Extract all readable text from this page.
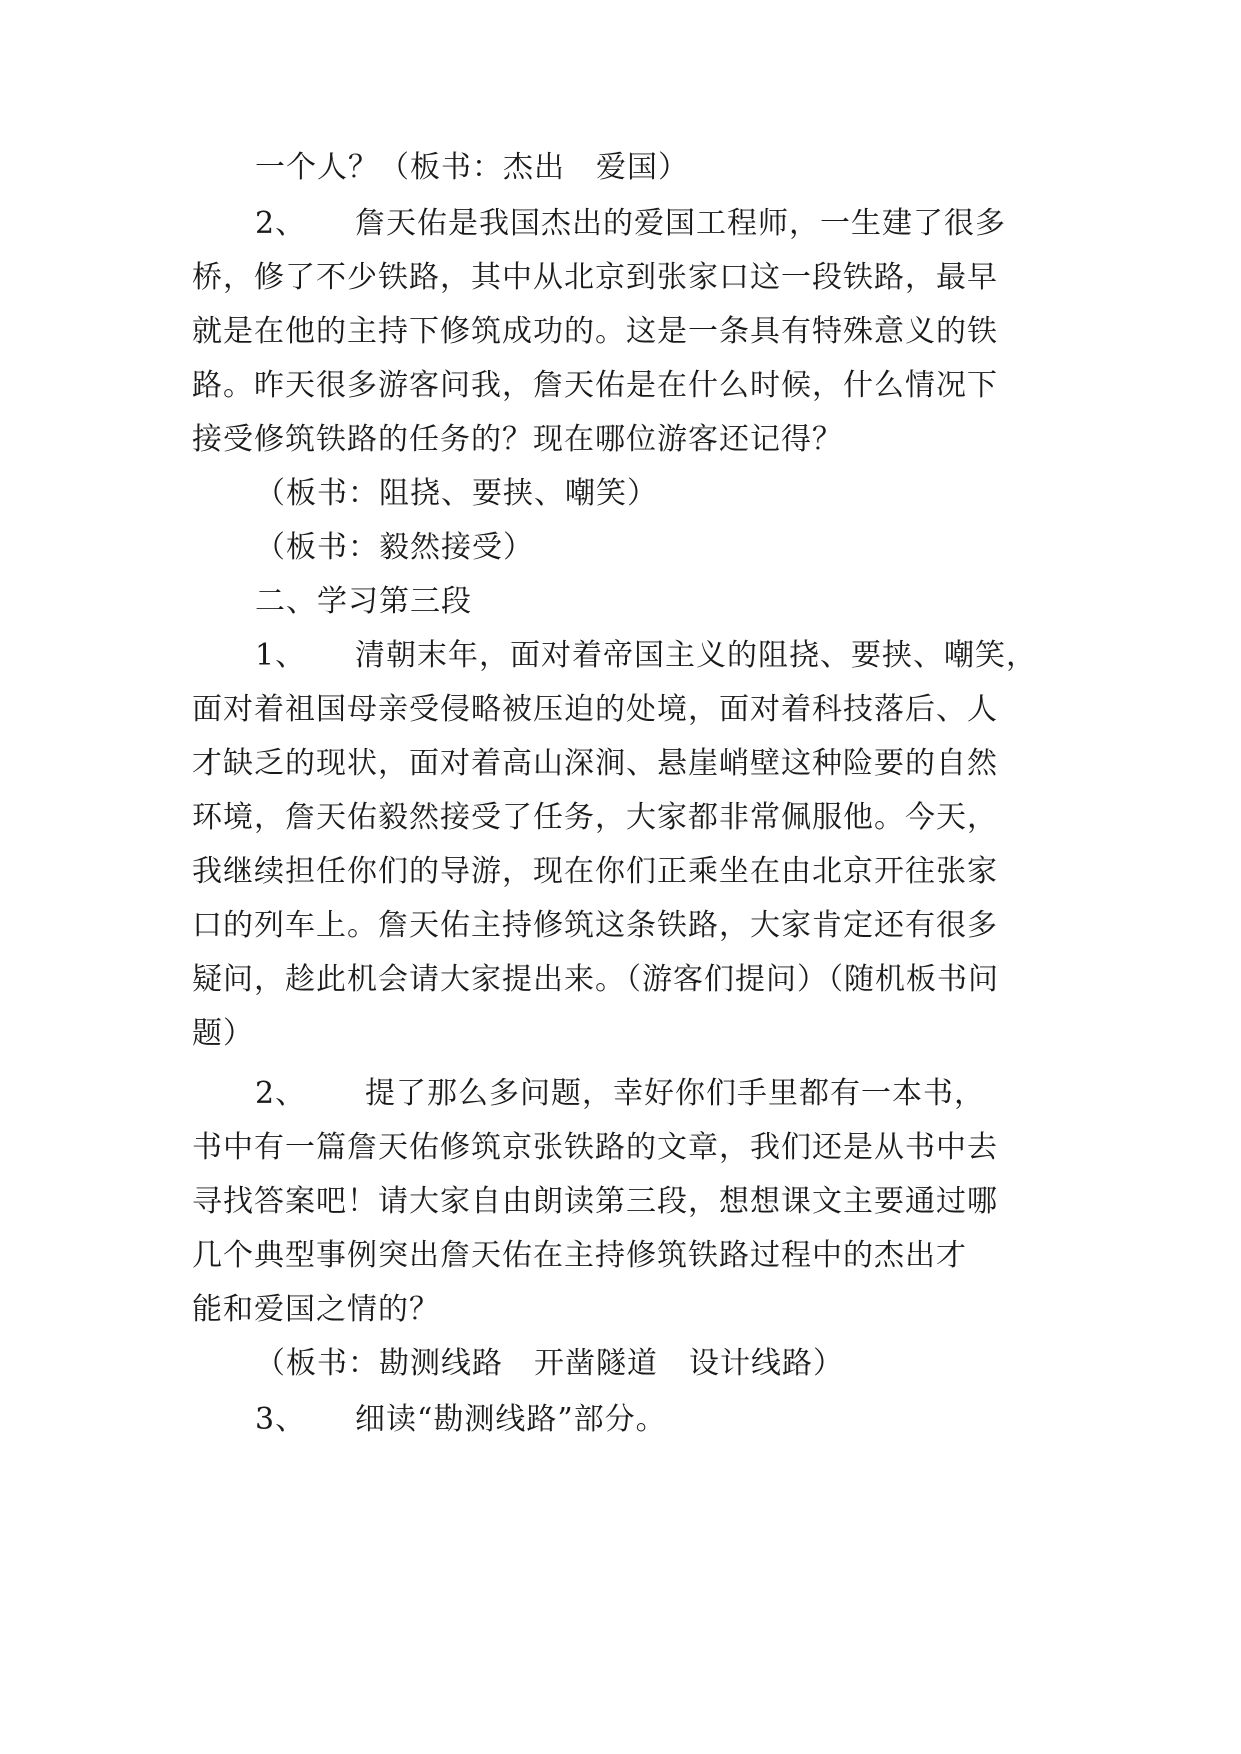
一个人？（板书：杰出　爱国）
2、 詹天佑是我国杰出的爱国工程师，一生建了很多
桥，修了不少铁路，其中从北京到张家口这一段铁路，最早
就是在他的主持下修筑成功的。这是一条具有特殊意义的铁
路。昨天很多游客问我，詹天佑是在什么时候，什么情况下
接受修筑铁路的任务的？现在哪位游客还记得？
（板书：阻挠、要挟、嘲笑）
（板书：毅然接受）
二、学习第三段
1、 清朝末年，面对着帝国主义的阻挠、要挟、嘲笑，
面对着祖国母亲受侵略被压迫的处境，面对着科技落后、人
才缺乏的现状，面对着高山深涧、悬崖峭壁这种险要的自然
环境，詹天佑毅然接受了任务，大家都非常佩服他。今天，
我继续担任你们的导游，现在你们正乘坐在由北京开往张家
口的列车上。詹天佑主持修筑这条铁路，大家肯定还有很多
疑问，趁此机会请大家提出来。（游客们提问）（随机板书问
题）
2、 提了那么多问题，幸好你们手里都有一本书，
书中有一篇詹天佑修筑京张铁路的文章，我们还是从书中去
寻找答案吧！请大家自由朗读第三段，想想课文主要通过哪
几个典型事例突出詹天佑在主持修筑铁路过程中的杰出才
能和爱国之情的？
（板书：勘测线路　开凿隧道　设计线路）
3、 细读“勘测线路”部分。
